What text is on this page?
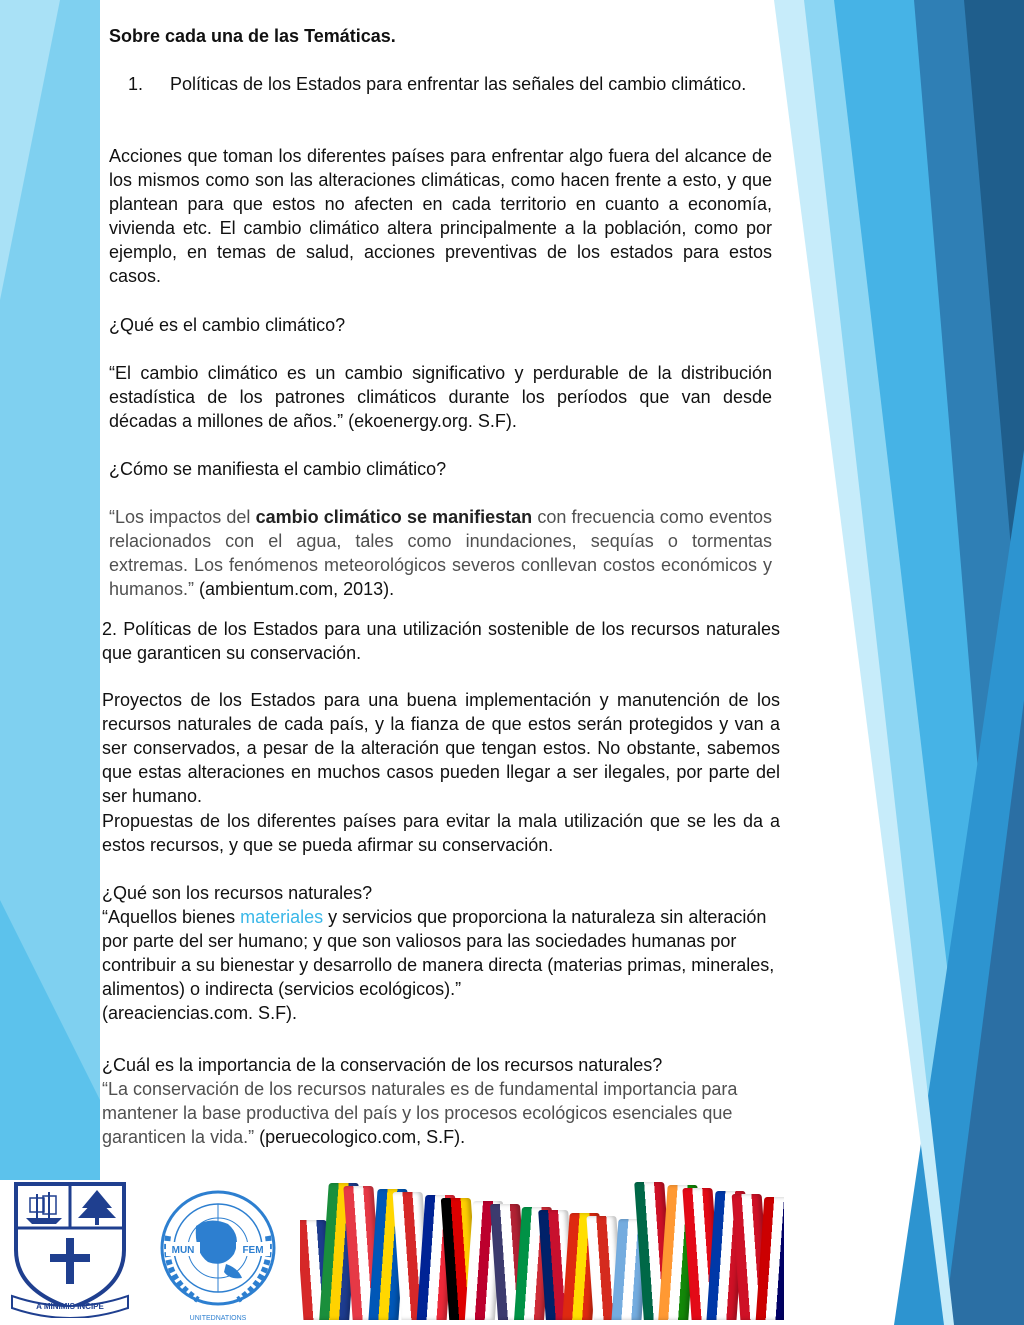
Sobre cada una de las Temáticas.

1. Políticas de los Estados para enfrentar las señales del cambio climático.

Acciones que toman los diferentes países para enfrentar algo fuera del alcance de los mismos como son las alteraciones climáticas, como hacen frente a esto, y que plantean para que estos no afecten en cada territorio en cuanto a economía, vivienda etc. El cambio climático altera principalmente a la población, como por ejemplo, en temas de salud, acciones preventivas de los estados para estos casos.

¿Qué es el cambio climático?

“El cambio climático es un cambio significativo y perdurable de la distribución estadística de los patrones climáticos durante los períodos que van desde décadas a millones de años.” (ekoenergy.org. S.F).

¿Cómo se manifiesta el cambio climático?

“Los impactos del cambio climático se manifiestan con frecuencia como eventos relacionados con el agua, tales como inundaciones, sequías o tormentas extremas. Los fenómenos meteorológicos severos conllevan costos económicos y humanos.” (ambientum.com, 2013).

2. Políticas de los Estados para una utilización sostenible de los recursos naturales que garanticen su conservación.

Proyectos de los Estados para una buena implementación y manutención de los recursos naturales de cada país, y la fianza de que estos serán protegidos y van a ser conservados, a pesar de la alteración que tengan estos. No obstante, sabemos que estas alteraciones en muchos casos pueden llegar a ser ilegales, por parte del ser humano.

Propuestas de los diferentes países para evitar la mala utilización que se les da a estos recursos, y que se pueda afirmar su conservación.

¿Qué son los recursos naturales?

“Aquellos bienes materiales y servicios que proporciona la naturaleza sin alteración por parte del ser humano; y que son valiosos para las sociedades humanas por contribuir a su bienestar y desarrollo de manera directa (materias primas, minerales, alimentos) o indirecta (servicios ecológicos).”
(areaciencias.com. S.F).

¿Cuál es la importancia de la conservación de los recursos naturales?

“La conservación de los recursos naturales es de fundamental importancia para mantener la base productiva del país y los procesos ecológicos esenciales que garanticen la vida.” (peruecologico.com, S.F).

A MINIMIS INCIPE
MUN	FEM
UNITEDNATIONS
